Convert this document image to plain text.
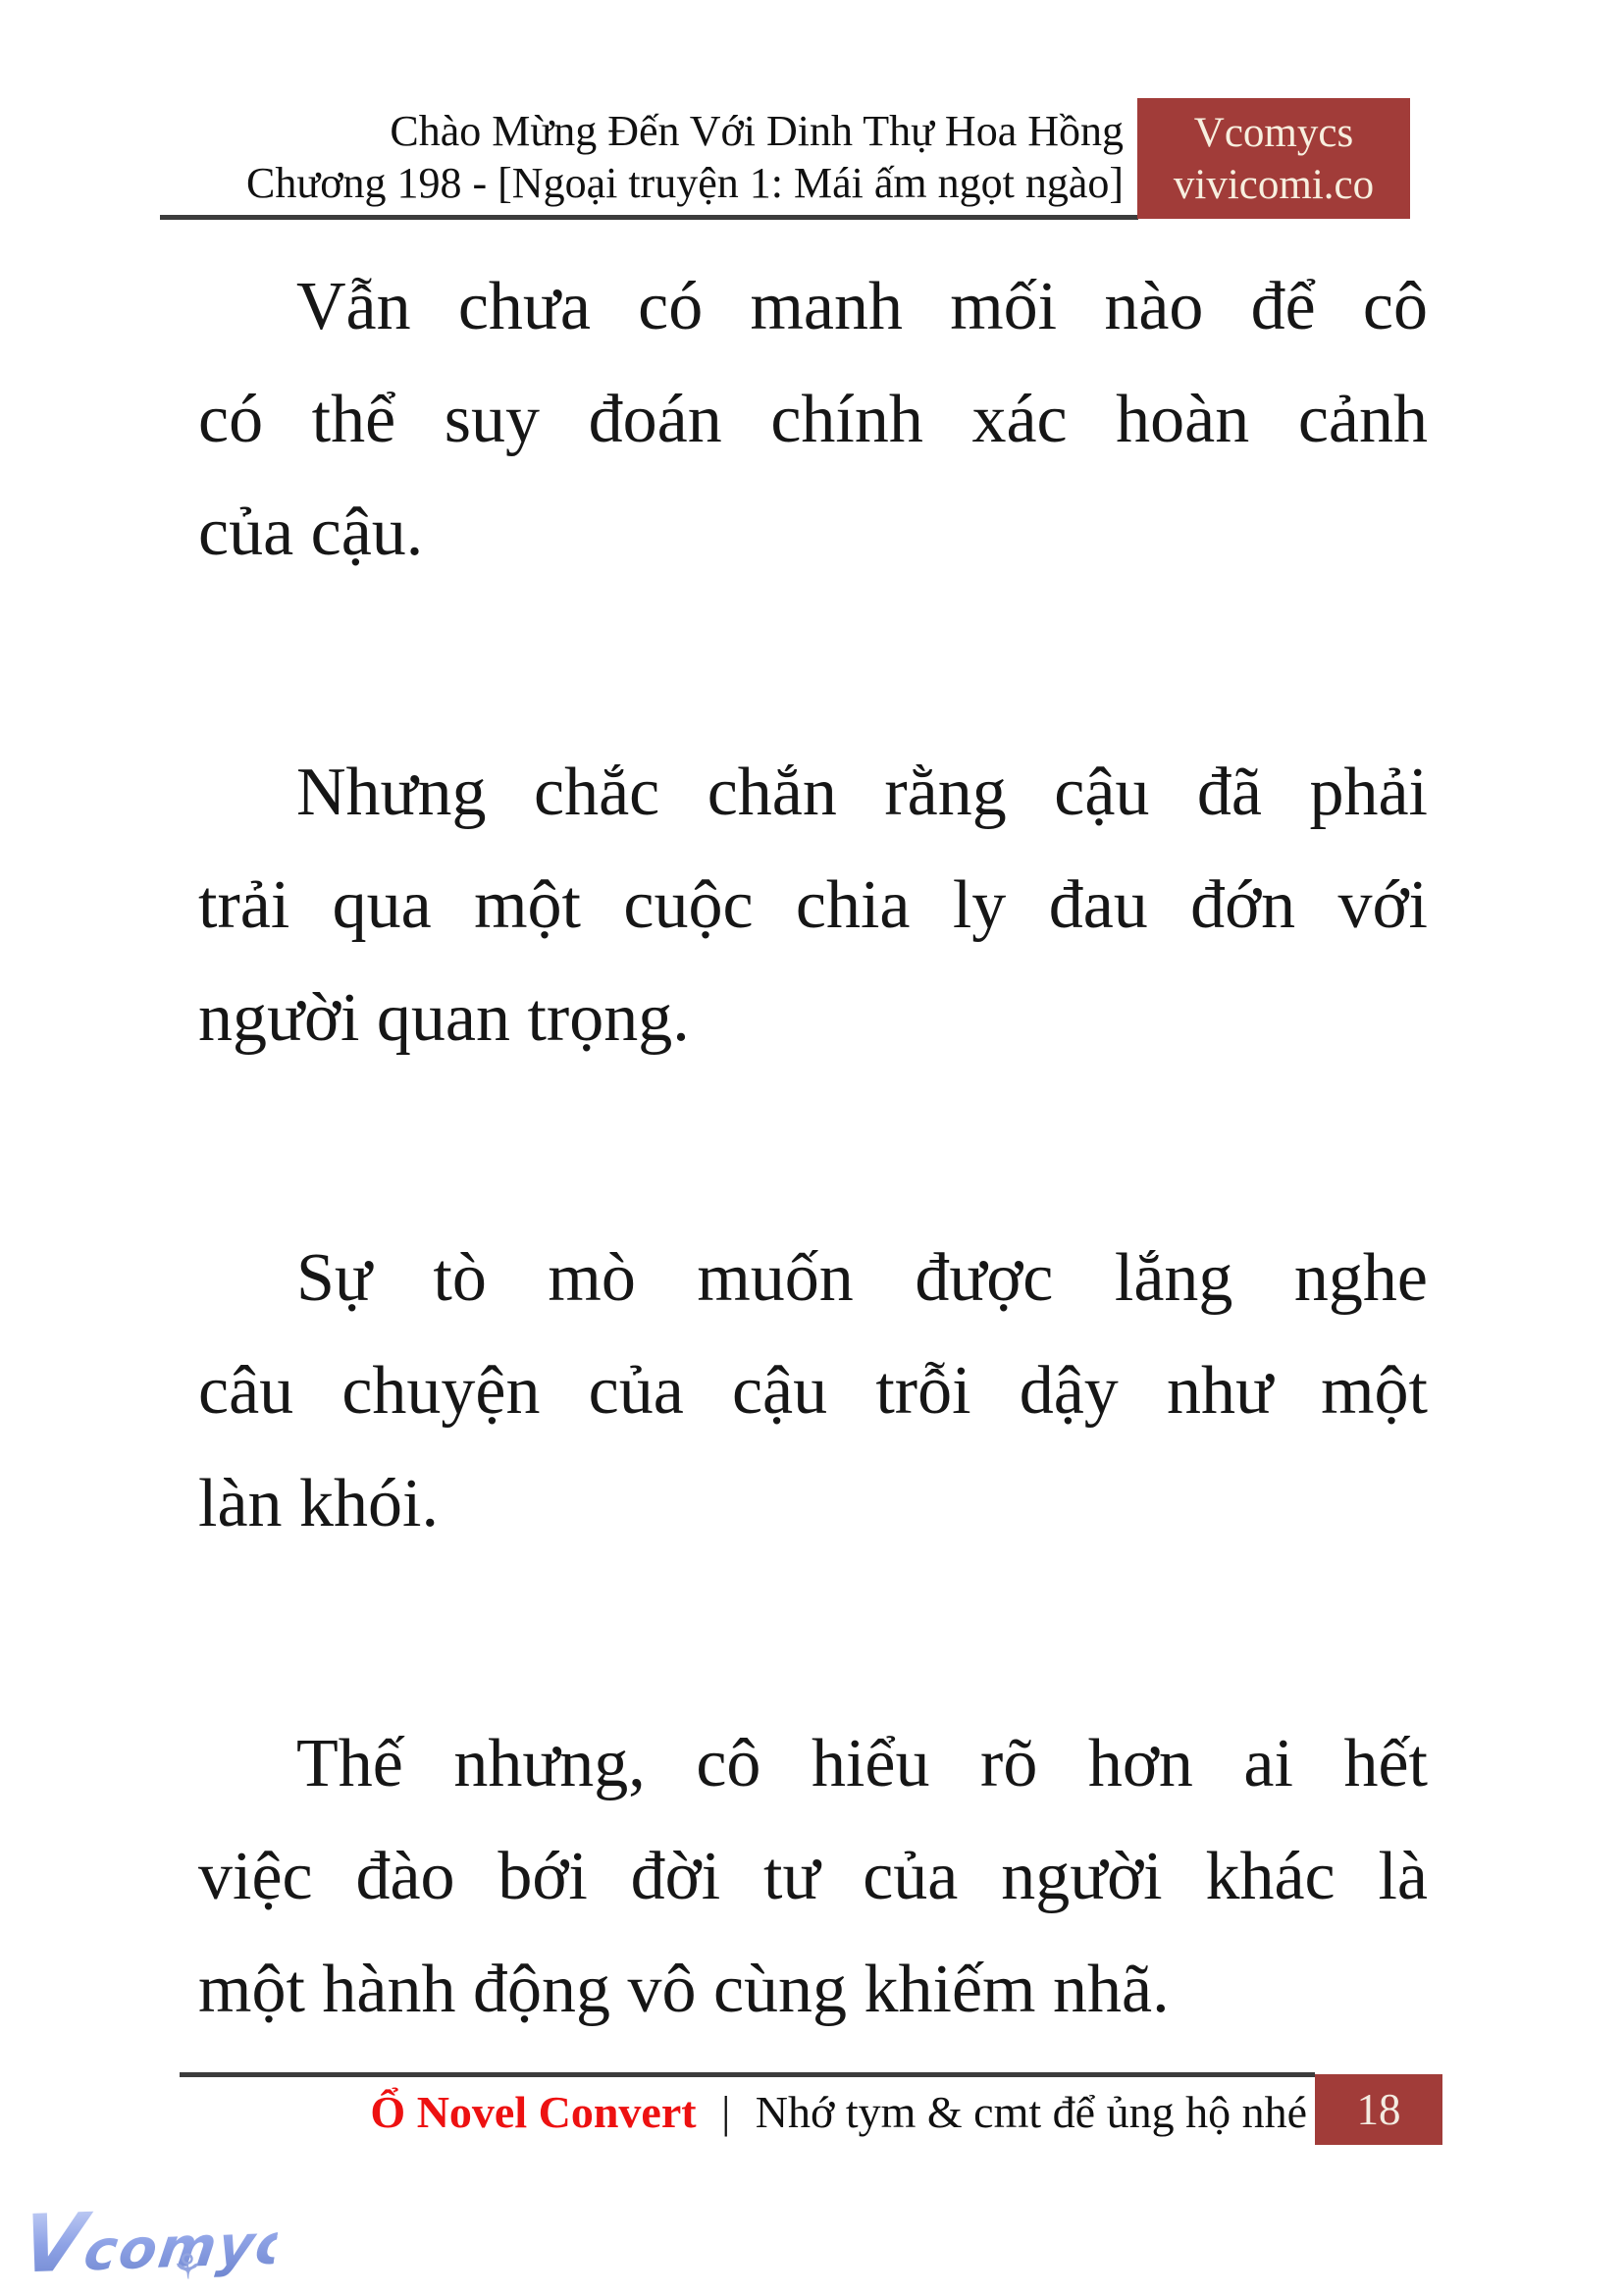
Chào Mừng Đến Với Dinh Thự Hoa Hồng
Chương 198 - [Ngoại truyện 1: Mái ấm ngọt ngào]
Vcomycs
vivicomi.co

Vẫn chưa có manh mối nào để cô
có thể suy đoán chính xác hoàn cảnh
của cậu.

Nhưng chắc chắn rằng cậu đã phải
trải qua một cuộc chia ly đau đớn với
người quan trọng.

Sự tò mò muốn được lắng nghe
câu chuyện của cậu trỗi dậy như một
làn khói.

Thế nhưng, cô hiểu rõ hơn ai hết
việc đào bới đời tư của người khác là
một hành động vô cùng khiếm nhã.

Ổ Novel Convert | Nhớ tym & cmt để ủng hộ nhé 18
Vcomycs
⚘
